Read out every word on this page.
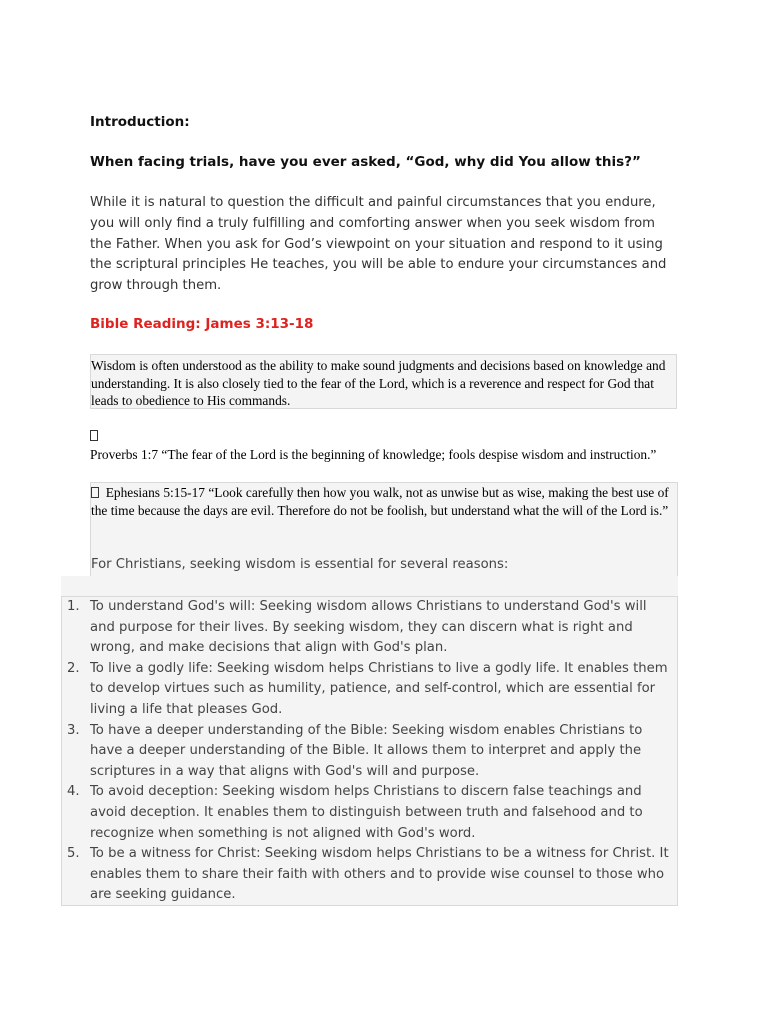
Introduction:
When facing trials, have you ever asked, “God, why did You allow this?”
While it is natural to question the difficult and painful circumstances that you endure, you will only find a truly fulfilling and comforting answer when you seek wisdom from the Father. When you ask for God’s viewpoint on your situation and respond to it using the scriptural principles He teaches, you will be able to endure your circumstances and grow through them.
Bible Reading: James 3:13-18

Wisdom is often understood as the ability to make sound judgments and decisions based on knowledge and understanding. It is also closely tied to the fear of the Lord, which is a reverence and respect for God that leads to obedience to His commands.

Proverbs 1:7 “The fear of the Lord is the beginning of knowledge; fools despise wisdom and instruction.”

Ephesians 5:15-17 “Look carefully then how you walk, not as unwise but as wise, making the best use of the time because the days are evil. Therefore do not be foolish, but understand what the will of the Lord is.”

For Christians, seeking wisdom is essential for several reasons:
1. To understand God's will: Seeking wisdom allows Christians to understand God's will and purpose for their lives. By seeking wisdom, they can discern what is right and wrong, and make decisions that align with God's plan.
2. To live a godly life: Seeking wisdom helps Christians to live a godly life. It enables them to develop virtues such as humility, patience, and self-control, which are essential for living a life that pleases God.
3. To have a deeper understanding of the Bible: Seeking wisdom enables Christians to have a deeper understanding of the Bible. It allows them to interpret and apply the scriptures in a way that aligns with God's will and purpose.
4. To avoid deception: Seeking wisdom helps Christians to discern false teachings and avoid deception. It enables them to distinguish between truth and falsehood and to recognize when something is not aligned with God's word.
5. To be a witness for Christ: Seeking wisdom helps Christians to be a witness for Christ. It enables them to share their faith with others and to provide wise counsel to those who are seeking guidance.
